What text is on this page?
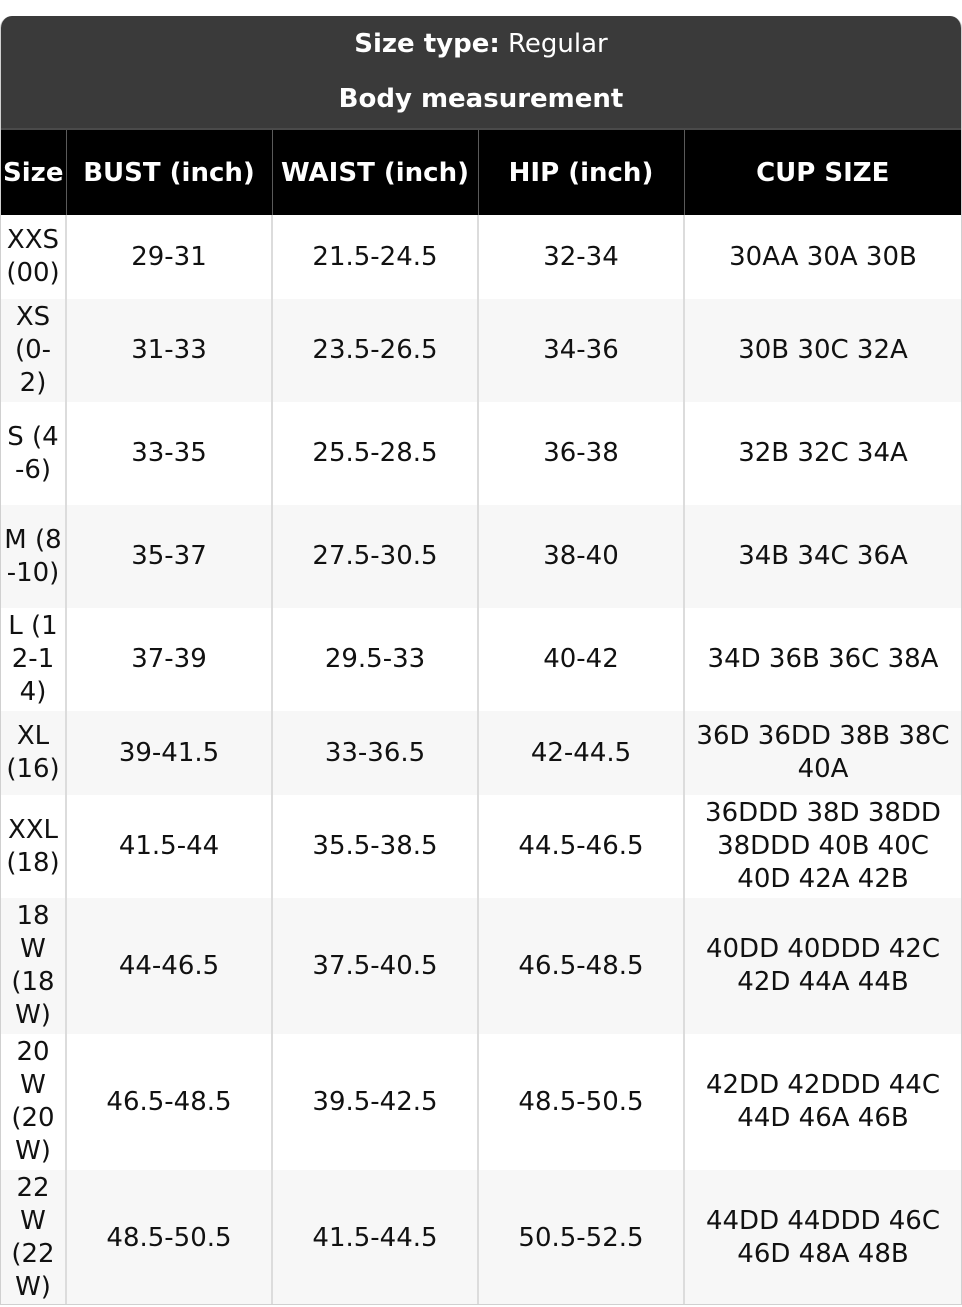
Size type: Regular
Body measurement
Size	BUST (inch)	WAIST (inch)	HIP (inch)	CUP SIZE
XXS (00)	29-31	21.5-24.5	32-34	30AA 30A 30B
XS (0-2)	31-33	23.5-26.5	34-36	30B 30C 32A
S (4-6)	33-35	25.5-28.5	36-38	32B 32C 34A
M (8-10)	35-37	27.5-30.5	38-40	34B 34C 36A
L (12-14)	37-39	29.5-33	40-42	34D 36B 36C 38A
XL (16)	39-41.5	33-36.5	42-44.5	36D 36DD 38B 38C 40A
XXL (18)	41.5-44	35.5-38.5	44.5-46.5	36DDD 38D 38DD 38DDD 40B 40C 40D 42A 42B
18 W (18 W)	44-46.5	37.5-40.5	46.5-48.5	40DD 40DDD 42C 42D 44A 44B
20 W (20 W)	46.5-48.5	39.5-42.5	48.5-50.5	42DD 42DDD 44C 44D 46A 46B
22 W (22 W)	48.5-50.5	41.5-44.5	50.5-52.5	44DD 44DDD 46C 46D 48A 48B
